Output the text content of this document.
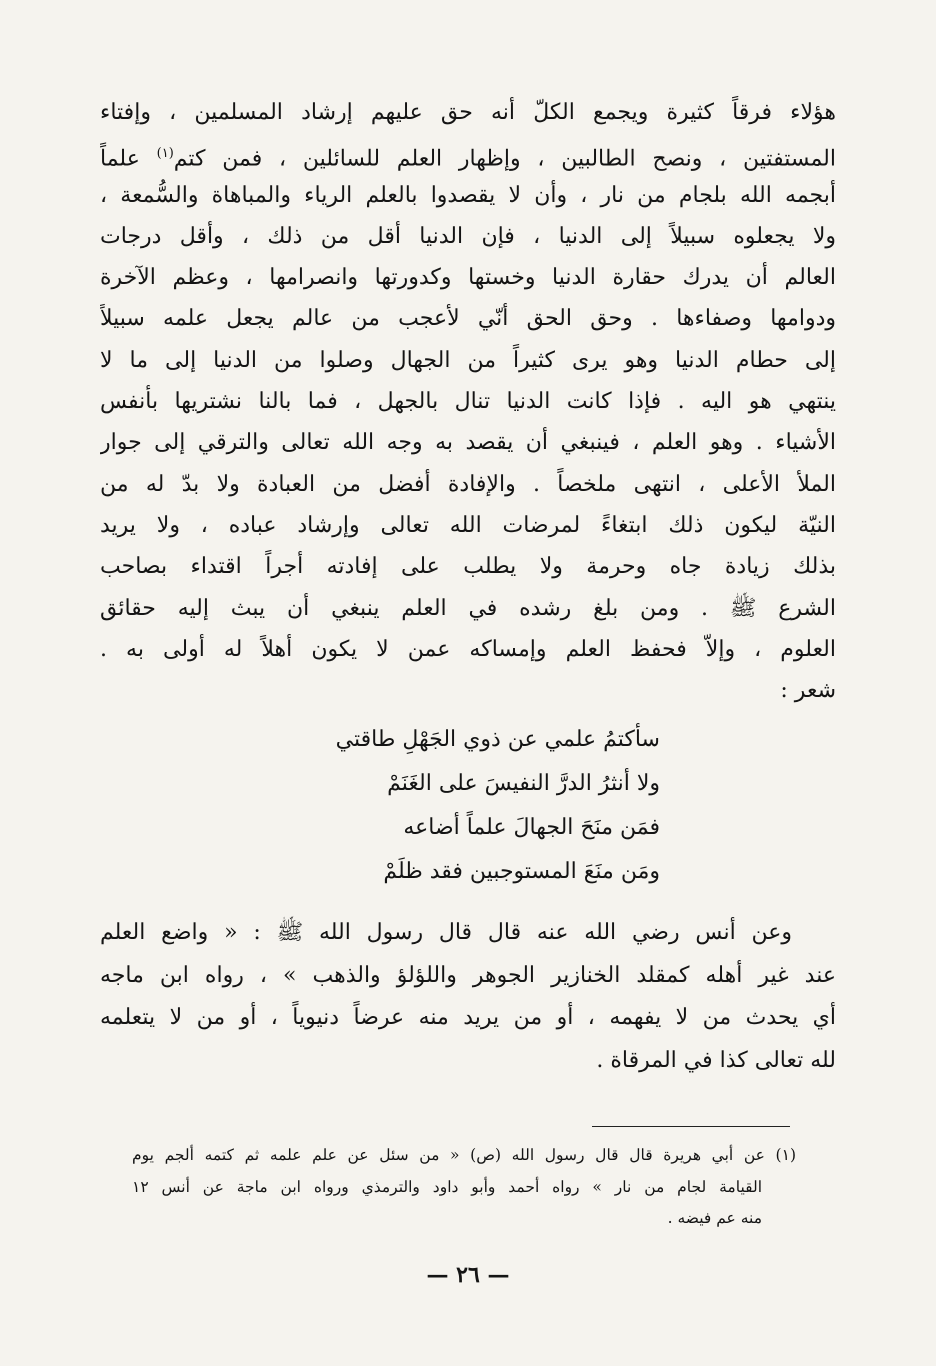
هؤلاء فرقاً كثيرة ويجمع الكلّ أنه حق عليهم إرشاد المسلمين ، وإفتاء
المستفتين ، ونصح الطالبين ، وإظهار العلم للسائلين ، فمن كتم$^{(١)}$ علماً
أبجمه الله بلجام من نار ، وأن لا يقصدوا بالعلم الرياء والمباهاة والسُّمعة ،
ولا يجعلوه سبيلاً إلى الدنيا ، فإن الدنيا أقل من ذلك ، وأقل درجات
العالم أن يدرك حقارة الدنيا وخستها وكدورتها وانصرامها ، وعظم الآخرة
ودوامها وصفاءها . وحق الحق أنّي لأعجب من عالم يجعل علمه سبيلاً
إلى حطام الدنيا وهو يرى كثيراً من الجهال وصلوا من الدنيا إلى ما لا
ينتهي هو اليه . فإذا كانت الدنيا تنال بالجهل ، فما بالنا نشتريها بأنفس
الأشياء . وهو العلم ، فينبغي أن يقصد به وجه الله تعالى والترقي إلى جوار
الملأ الأعلى ، انتهى ملخصاً . والإفادة أفضل من العبادة ولا بدّ له من
النيّة ليكون ذلك ابتغاءً لمرضات الله تعالى وإرشاد عباده ، ولا يريد
بذلك زيادة جاه وحرمة ولا يطلب على إفادته أجراً اقتداء بصاحب
الشرع ﷺ . ومن بلغ رشده في العلم ينبغي أن يبث إليه حقائق
العلوم ، وإلاّ فحفظ العلم وإمساكه عمن لا يكون أهلاً له أولى به .
شعر :
سأكتمُ علمي عن ذوي الجَهْلِ طاقتي
ولا أنثرُ الدرَّ النفيسَ على الغَنَمْ
فمَن منَحَ الجهالَ علماً أضاعه
ومَن منَعَ المستوجبين فقد ظلَمْ
وعن أنس رضي الله عنه قال قال رسول الله ﷺ : « واضع العلم
عند غير أهله كمقلد الخنازير الجوهر واللؤلؤ والذهب » ، رواه ابن ماجه
أي يحدث من لا يفهمه ، أو من يريد منه عرضاً دنيوياً ، أو من لا يتعلمه
لله تعالى كذا في المرقاة .
(١) عن أبي هريرة قال قال رسول الله (ص) « من سئل عن علم علمه ثم كتمه ألجم يوم
القيامة لجام من نار » رواه أحمد وأبو داود والترمذي ورواه ابن ماجة عن أنس ١٢
منه عم فيضه .
— ٢٦ —
